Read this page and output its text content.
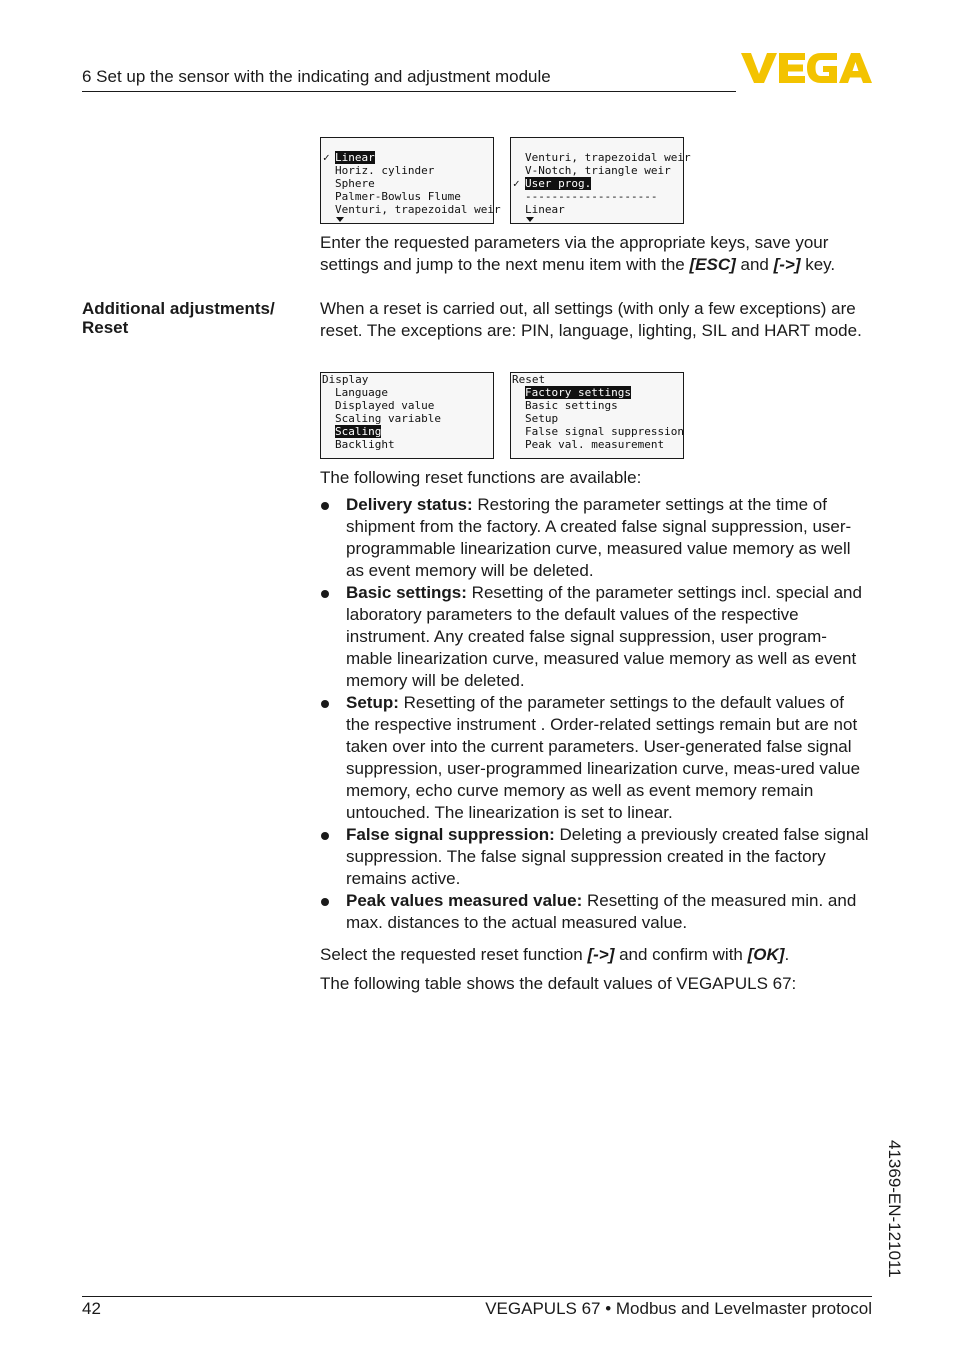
6 Set up the sensor with the indicating and adjustment module
✓ Linear
Horiz. cylinder
Sphere
Palmer-Bowlus Flume
Venturi, trapezoidal weir
Venturi, trapezoidal weir
V-Notch, triangle weir
✓ User prog.
--------------------
Linear
Enter the requested parameters via the appropriate keys, save your settings and jump to the next menu item with the [ESC] and [->] key.
Additional adjustments/
Reset
When a reset is carried out, all settings (with only a few exceptions) are reset. The exceptions are: PIN, language, lighting, SIL and HART mode.
Display
Language
Displayed value
Scaling variable
Scaling
Backlight
Reset
Factory settings
Basic settings
Setup
False signal suppression
Peak val. measurement
The following reset functions are available:
Delivery status: Restoring the parameter settings at the time of shipment from the factory. A created false signal suppression, user-programmable linearization curve, measured value memory as well as event memory will be deleted.
Basic settings: Resetting of the parameter settings incl. special and laboratory parameters to the default values of the respective instrument. Any created false signal suppression, user program-mable linearization curve, measured value memory as well as event memory will be deleted.
Setup: Resetting of the parameter settings to the default values of the respective instrument . Order-related settings remain but are not taken over into the current parameters. User-generated false signal suppression, user-programmed linearization curve, meas-ured value memory, echo curve memory as well as event memory remain untouched. The linearization is set to linear.
False signal suppression: Deleting a previously created false signal suppression. The false signal suppression created in the factory remains active.
Peak values measured value: Resetting of the measured min. and max. distances to the actual measured value.
Select the requested reset function [->] and confirm with [OK].
The following table shows the default values of VEGAPULS 67:
41369-EN-121011
42	VEGAPULS 67 • Modbus and Levelmaster protocol
